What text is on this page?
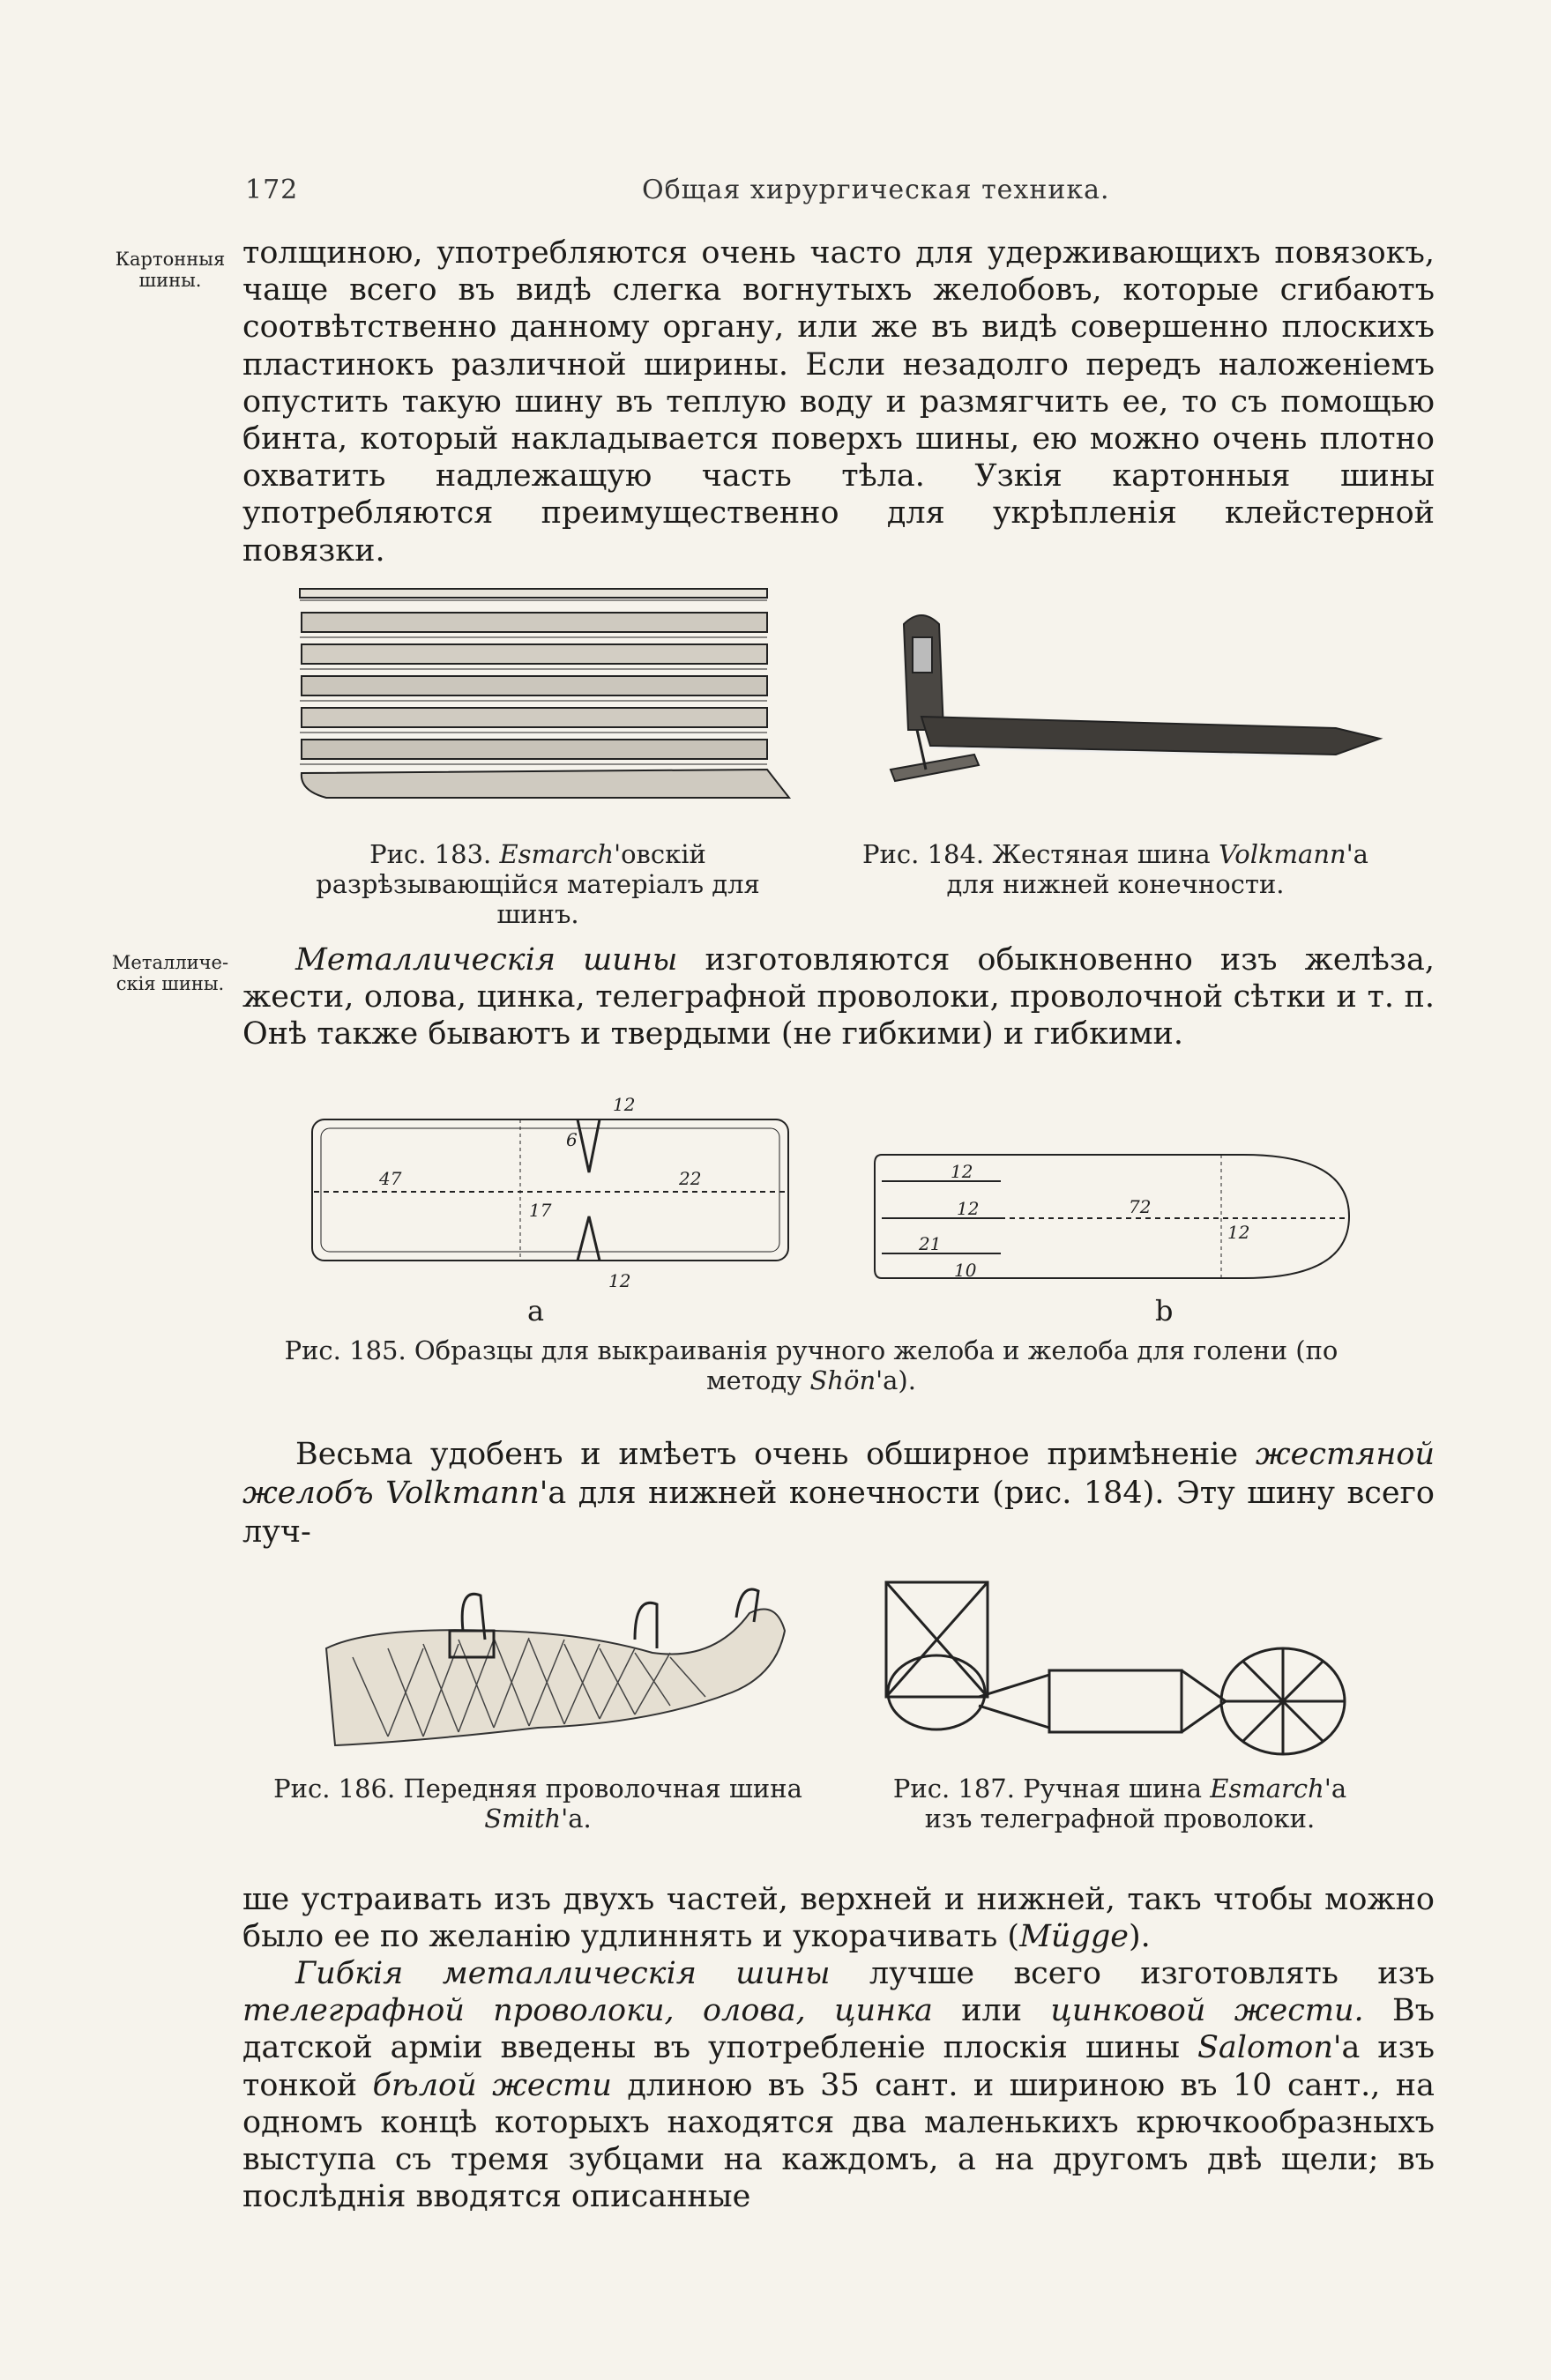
172	Общая хирургическая техника.
Картонныя шины.
Металличе- скія шины.

толщиною, употребляются очень часто для удерживающихъ повязокъ, чаще всего въ видѣ слегка вогнутыхъ желобовъ, которые сгибаютъ соотвѣтственно данному органу, или же въ видѣ совершенно плоскихъ пластинокъ различной ширины. Если незадолго передъ наложеніемъ опустить такую шину въ теплую воду и размягчить ее, то съ помощью бинта, который накладывается поверхъ шины, ею можно очень плотно охватить надлежащую часть тѣла. Узкія картонныя шины употребляются преимущественно для укрѣпленія клейстерной повязки.

Рис. 183. Esmarch'овскій разрѣзывающійся матеріалъ для шинъ.
Рис. 184. Жестяная шина Volkmann'а для нижней конечности.

Металлическія шины изготовляются обыкновенно изъ желѣза, жести, олова, цинка, телеграфной проволоки, проволочной сѣтки и т. п. Онѣ также бываютъ и твердыми (не гибкими) и гибкими.

47	22
17
6
12
12
72
12
21
12
12
10
a	b
Рис. 185. Образцы для выкраиванія ручного желоба и желоба для голени (по методу Shön'а).

Весьма удобенъ и имѣетъ очень обширное примѣненіе жестяной желобъ Volkmann'а для нижней конечности (рис. 184). Эту шину всего луч-

Рис. 186. Передняя проволочная шина
Smith'а.
Рис. 187. Ручная шина Esmarch'а изъ телеграфной проволоки.

ше устраивать изъ двухъ частей, верхней и нижней, такъ чтобы можно было ее по желанію удлиннять и укорачивать (Mügge).

Гибкія металлическія шины лучше всего изготовлять изъ телеграфной проволоки, олова, цинка или цинковой жести. Въ датской арміи введены въ употребленіе плоскія шины Salomon'а изъ тонкой бѣлой жести длиною въ 35 сант. и шириною въ 10 сант., на одномъ концѣ которыхъ находятся два маленькихъ крючкообразныхъ выступа съ тремя зубцами на каждомъ, а на другомъ двѣ щели; въ послѣднія вводятся описанные
